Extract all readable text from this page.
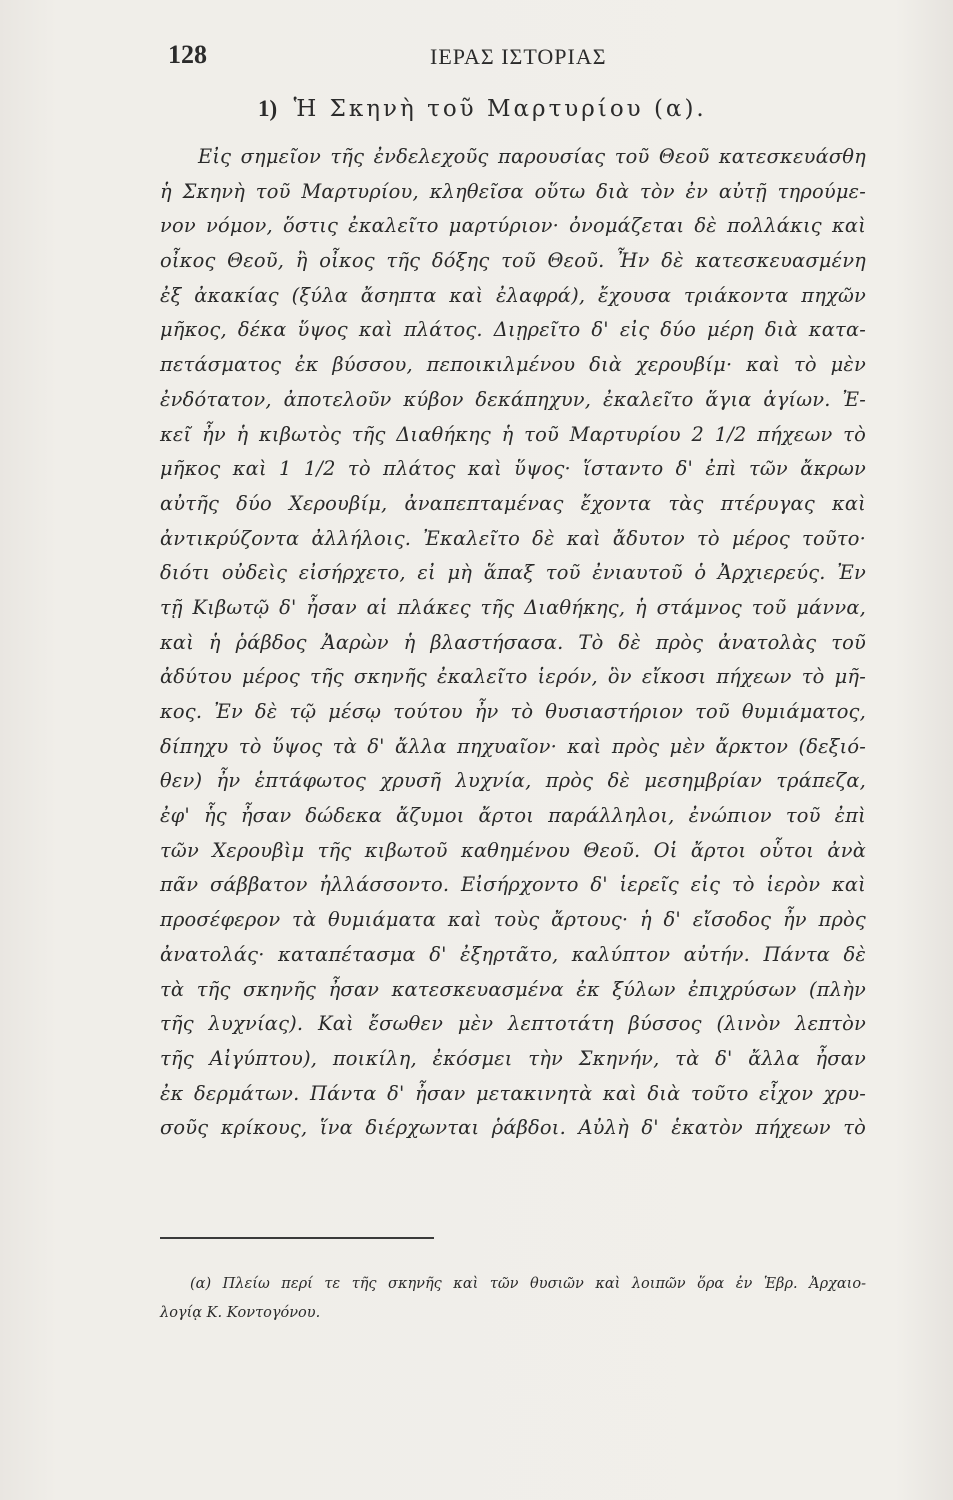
128	ΙΕΡΑΣ ΙΣΤΟΡΙΑΣ
1) Ἡ Σκηνὴ τοῦ Μαρτυρίου (α).
Εἰς σημεῖον τῆς ἐνδελεχοῦς παρουσίας τοῦ Θεοῦ κατεσκευάσθη
ἡ Σκηνὴ τοῦ Μαρτυρίου, κληθεῖσα οὕτω διὰ τὸν ἐν αὐτῇ τηρούμε-
νον νόμον, ὅστις ἐκαλεῖτο μαρτύριον· ὀνομάζεται δὲ πολλάκις καὶ
οἶκος Θεοῦ, ἢ οἶκος τῆς δόξης τοῦ Θεοῦ. Ἦν δὲ κατεσκευασμένη
ἐξ ἀκακίας (ξύλα ἄσηπτα καὶ ἐλαφρά), ἔχουσα τριάκοντα πηχῶν
μῆκος, δέκα ὕψος καὶ πλάτος. Διῃρεῖτο δ' εἰς δύο μέρη διὰ κατα-
πετάσματος ἐκ βύσσου, πεποικιλμένου διὰ χερουβίμ· καὶ τὸ μὲν
ἐνδότατον, ἀποτελοῦν κύβον δεκάπηχυν, ἐκαλεῖτο ἅγια ἁγίων. Ἐ-
κεῖ ἦν ἡ κιβωτὸς τῆς Διαθήκης ἡ τοῦ Μαρτυρίου 2 1/2 πήχεων τὸ
μῆκος καὶ 1 1/2 τὸ πλάτος καὶ ὕψος· ἵσταντο δ' ἐπὶ τῶν ἄκρων
αὐτῆς δύο Χερουβίμ, ἀναπεπταμένας ἔχοντα τὰς πτέρυγας καὶ
ἀντικρύζοντα ἀλλήλοις. Ἐκαλεῖτο δὲ καὶ ἄδυτον τὸ μέρος τοῦτο·
διότι οὐδεὶς εἰσήρχετο, εἰ μὴ ἅπαξ τοῦ ἐνιαυτοῦ ὁ Ἀρχιερεύς. Ἐν
τῇ Κιβωτῷ δ' ἦσαν αἱ πλάκες τῆς Διαθήκης, ἡ στάμνος τοῦ μάννα,
καὶ ἡ ῥάβδος Ἀαρὼν ἡ βλαστήσασα. Τὸ δὲ πρὸς ἀνατολὰς τοῦ
ἀδύτου μέρος τῆς σκηνῆς ἐκαλεῖτο ἱερόν, ὃν εἴκοσι πήχεων τὸ μῆ-
κος. Ἐν δὲ τῷ μέσῳ τούτου ἦν τὸ θυσιαστήριον τοῦ θυμιάματος,
δίπηχυ τὸ ὕψος τὰ δ' ἄλλα πηχυαῖον· καὶ πρὸς μὲν ἄρκτον (δεξιό-
θεν) ἦν ἑπτάφωτος χρυσῆ λυχνία, πρὸς δὲ μεσημβρίαν τράπεζα,
ἐφ' ἧς ἦσαν δώδεκα ἄζυμοι ἄρτοι παράλληλοι, ἐνώπιον τοῦ ἐπὶ
τῶν Χερουβὶμ τῆς κιβωτοῦ καθημένου Θεοῦ. Οἱ ἄρτοι οὗτοι ἀνὰ
πᾶν σάββατον ἠλλάσσοντο. Εἰσήρχοντο δ' ἱερεῖς εἰς τὸ ἱερὸν καὶ
προσέφερον τὰ θυμιάματα καὶ τοὺς ἄρτους· ἡ δ' εἴσοδος ἦν πρὸς
ἀνατολάς· καταπέτασμα δ' ἐξηρτᾶτο, καλύπτον αὐτήν. Πάντα δὲ
τὰ τῆς σκηνῆς ἦσαν κατεσκευασμένα ἐκ ξύλων ἐπιχρύσων (πλὴν
τῆς λυχνίας). Καὶ ἔσωθεν μὲν λεπτοτάτη βύσσος (λινὸν λεπτὸν
τῆς Αἰγύπτου), ποικίλη, ἐκόσμει τὴν Σκηνήν, τὰ δ' ἄλλα ἦσαν
ἐκ δερμάτων. Πάντα δ' ἦσαν μετακινητὰ καὶ διὰ τοῦτο εἶχον χρυ-
σοῦς κρίκους, ἵνα διέρχωνται ῥάβδοι. Αὐλὴ δ' ἑκατὸν πήχεων τὸ
(α) Πλείω περί τε τῆς σκηνῆς καὶ τῶν θυσιῶν καὶ λοιπῶν ὅρα ἐν Ἑβρ. Ἀρχαιο-
λογίᾳ Κ. Κοντογόνου.
